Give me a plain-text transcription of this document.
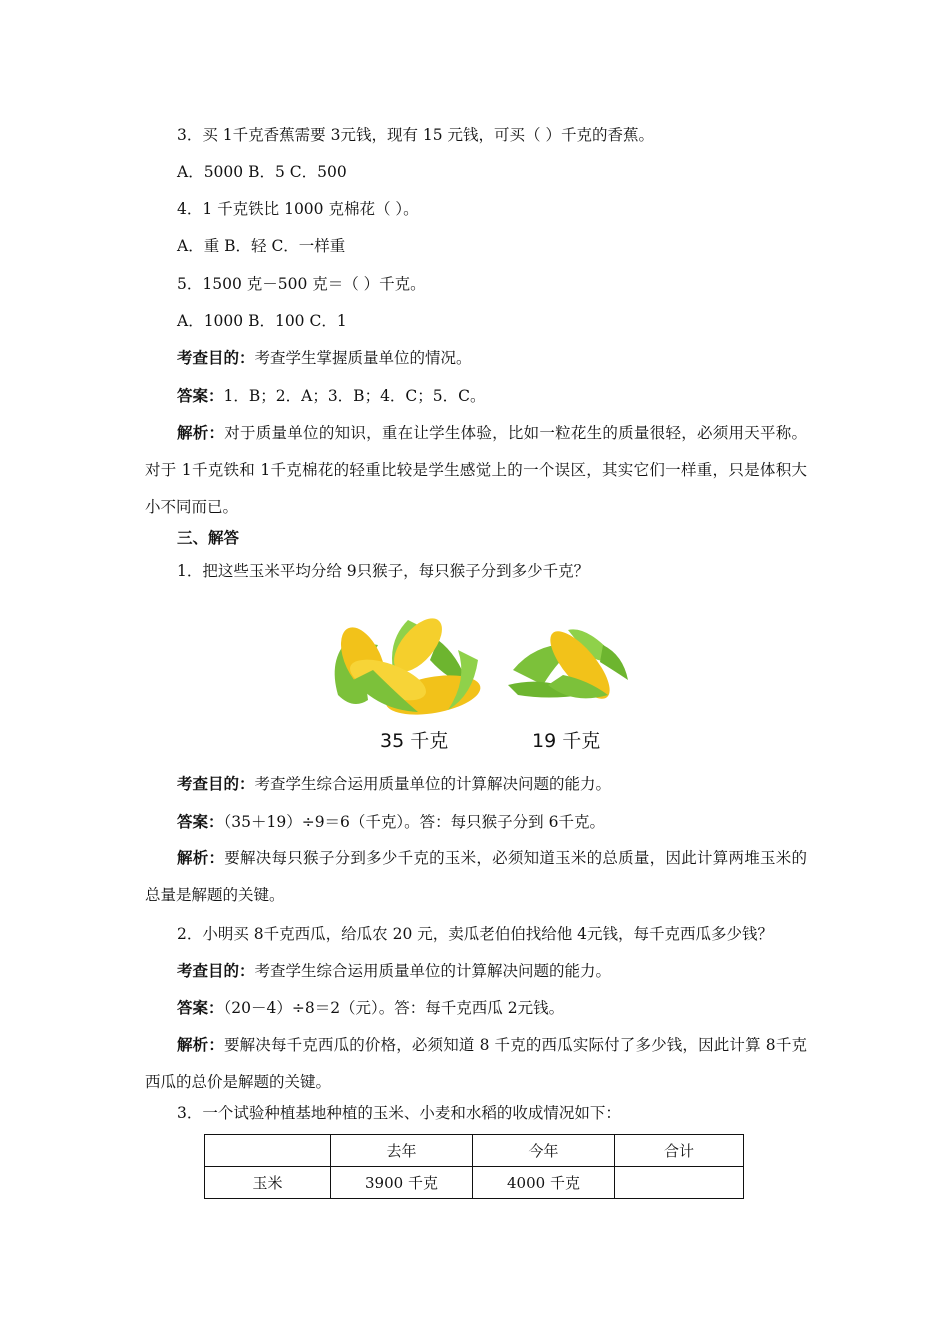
3．买 1千克香蕉需要 3元钱，现有 15 元钱，可买（ ）千克的香蕉。
A．5000 B．5 C．500
4．1 千克铁比 1000 克棉花（ ）。
A．重 B．轻 C．一样重
5．1500 克－500 克＝（ ）千克。
A．1000 B．100 C．1
考查目的：考查学生掌握质量单位的情况。
答案：1．B；2．A；3．B；4．C；5．C。
解析：对于质量单位的知识，重在让学生体验，比如一粒花生的质量很轻，必须用天平称。对于 1千克铁和 1千克棉花的轻重比较是学生感觉上的一个误区，其实它们一样重，只是体积大小不同而已。
三、解答
1．把这些玉米平均分给 9只猴子，每只猴子分到多少千克？
35 千克	19 千克
考查目的：考查学生综合运用质量单位的计算解决问题的能力。
答案：（35＋19）÷9＝6（千克）。答：每只猴子分到 6千克。
解析：要解决每只猴子分到多少千克的玉米，必须知道玉米的总质量，因此计算两堆玉米的总量是解题的关键。
2．小明买 8千克西瓜，给瓜农 20 元，卖瓜老伯伯找给他 4元钱，每千克西瓜多少钱？
考查目的：考查学生综合运用质量单位的计算解决问题的能力。
答案：（20－4）÷8＝2（元）。答：每千克西瓜 2元钱。
解析：要解决每千克西瓜的价格，必须知道 8 千克的西瓜实际付了多少钱，因此计算 8千克西瓜的总价是解题的关键。
3．一个试验种植基地种植的玉米、小麦和水稻的收成情况如下：
	去年	今年	合计
玉米	3900 千克	4000 千克	
